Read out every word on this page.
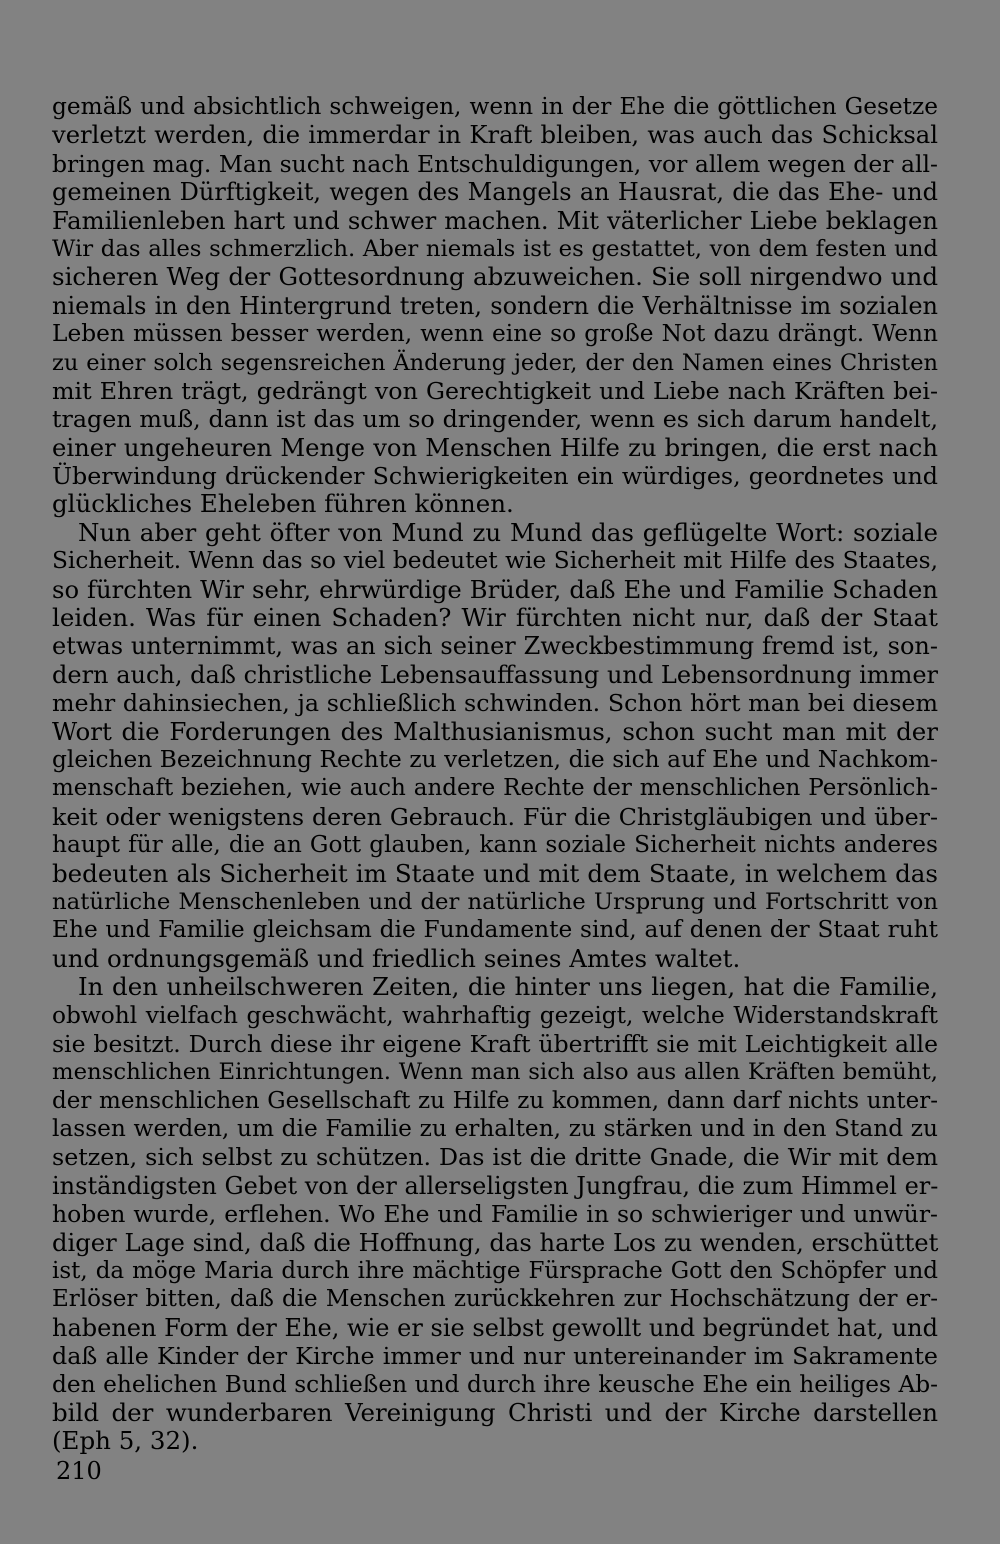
gemäß und absichtlich schweigen, wenn in der Ehe die göttlichen Gesetze
verletzt werden, die immerdar in Kraft bleiben, was auch das Schicksal
bringen mag. Man sucht nach Entschuldigungen, vor allem wegen der all-
gemeinen Dürftigkeit, wegen des Mangels an Hausrat, die das Ehe- und
Familienleben hart und schwer machen. Mit väterlicher Liebe beklagen
Wir das alles schmerzlich. Aber niemals ist es gestattet, von dem festen und
sicheren Weg der Gottesordnung abzuweichen. Sie soll nirgendwo und
niemals in den Hintergrund treten, sondern die Verhältnisse im sozialen
Leben müssen besser werden, wenn eine so große Not dazu drängt. Wenn
zu einer solch segensreichen Änderung jeder, der den Namen eines Christen
mit Ehren trägt, gedrängt von Gerechtigkeit und Liebe nach Kräften bei-
tragen muß, dann ist das um so dringender, wenn es sich darum handelt,
einer ungeheuren Menge von Menschen Hilfe zu bringen, die erst nach
Überwindung drückender Schwierigkeiten ein würdiges, geordnetes und
glückliches Eheleben führen können.
Nun aber geht öfter von Mund zu Mund das geflügelte Wort: soziale
Sicherheit. Wenn das so viel bedeutet wie Sicherheit mit Hilfe des Staates,
so fürchten Wir sehr, ehrwürdige Brüder, daß Ehe und Familie Schaden
leiden. Was für einen Schaden? Wir fürchten nicht nur, daß der Staat
etwas unternimmt, was an sich seiner Zweckbestimmung fremd ist, son-
dern auch, daß christliche Lebensauffassung und Lebensordnung immer
mehr dahinsiechen, ja schließlich schwinden. Schon hört man bei diesem
Wort die Forderungen des Malthusianismus, schon sucht man mit der
gleichen Bezeichnung Rechte zu verletzen, die sich auf Ehe und Nachkom-
menschaft beziehen, wie auch andere Rechte der menschlichen Persönlich-
keit oder wenigstens deren Gebrauch. Für die Christgläubigen und über-
haupt für alle, die an Gott glauben, kann soziale Sicherheit nichts anderes
bedeuten als Sicherheit im Staate und mit dem Staate, in welchem das
natürliche Menschenleben und der natürliche Ursprung und Fortschritt von
Ehe und Familie gleichsam die Fundamente sind, auf denen der Staat ruht
und ordnungsgemäß und friedlich seines Amtes waltet.
In den unheilschweren Zeiten, die hinter uns liegen, hat die Familie,
obwohl vielfach geschwächt, wahrhaftig gezeigt, welche Widerstandskraft
sie besitzt. Durch diese ihr eigene Kraft übertrifft sie mit Leichtigkeit alle
menschlichen Einrichtungen. Wenn man sich also aus allen Kräften bemüht,
der menschlichen Gesellschaft zu Hilfe zu kommen, dann darf nichts unter-
lassen werden, um die Familie zu erhalten, zu stärken und in den Stand zu
setzen, sich selbst zu schützen. Das ist die dritte Gnade, die Wir mit dem
inständigsten Gebet von der allerseligsten Jungfrau, die zum Himmel er-
hoben wurde, erflehen. Wo Ehe und Familie in so schwieriger und unwür-
diger Lage sind, daß die Hoffnung, das harte Los zu wenden, erschüttet
ist, da möge Maria durch ihre mächtige Fürsprache Gott den Schöpfer und
Erlöser bitten, daß die Menschen zurückkehren zur Hochschätzung der er-
habenen Form der Ehe, wie er sie selbst gewollt und begründet hat, und
daß alle Kinder der Kirche immer und nur untereinander im Sakramente
den ehelichen Bund schließen und durch ihre keusche Ehe ein heiliges Ab-
bild der wunderbaren Vereinigung Christi und der Kirche darstellen
(Eph 5, 32).
210
